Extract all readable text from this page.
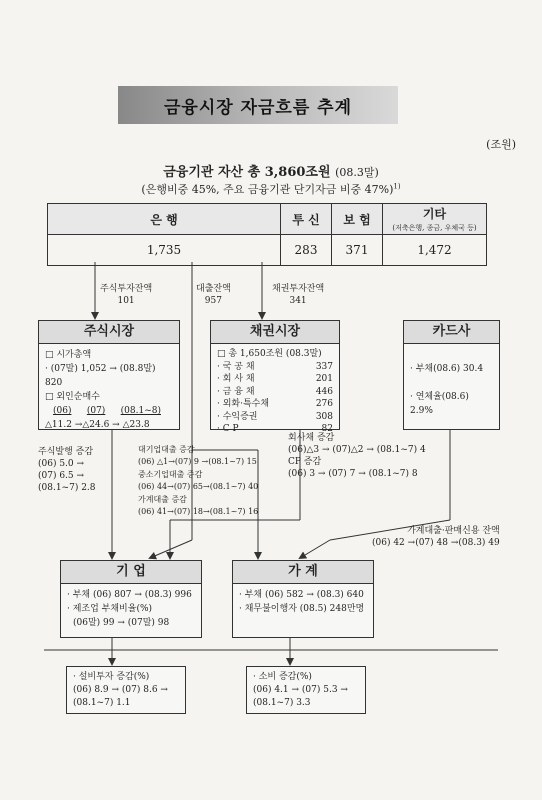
금융시장 자금흐름 추계
(조원)
금융기관 자산 총 3,860조원 (08.3말)
(은행비중 45%, 주요 금융기관 단기자금 비중 47%)$^{1)}$
은 행	투 신	보 험	기타
(저축은행, 종금, 우체국 등)

1,735	283	371	1,472
주식투자잔액
101
대출잔액
957
채권투자잔액
341
주식시장
□ 시가총액
· (07말) 1,052 → (08.8말) 820
□ 외인순매수
(06) (07) (08.1~8)
△11.2 →△24.6 → △23.8
채권시장
□ 총 1,650조원 (08.3말)
· 국 공 채	337
· 회 사 채	201
· 금 융 채	446
· 외화·특수채	276
· 수익증권	308
· C P	82
카드사
· 부채(08.6) 30.4
· 연체율(08.6) 2.9%
주식발행 증감
(06) 5.0 →
(07) 6.5 →
(08.1~7) 2.8
대기업대출 증감
(06) △1→(07) 9 →(08.1~7) 15
중소기업대출 증감
(06) 44→(07) 65→(08.1~7) 40
가계대출 증감
(06) 41→(07) 18→(08.1~7) 16
회사채 증감
(06)△3 → (07)△2 → (08.1~7) 4
CP 증감
(06) 3 → (07) 7 → (08.1~7) 8
가계대출·판매신용 잔액
(06) 42 →(07) 48 →(08.3) 49
기 업
· 부채 (06) 807 → (08.3) 996
· 제조업 부채비율(%)
(06말) 99 → (07말) 98
가 계
· 부채 (06) 582 → (08.3) 640
· 채무불이행자 (08.5) 248만명
· 설비투자 증감(%)
(06) 8.9 → (07) 8.6 →
(08.1~7) 1.1
· 소비 증감(%)
(06) 4.1 → (07) 5.3 →
(08.1~7) 3.3
